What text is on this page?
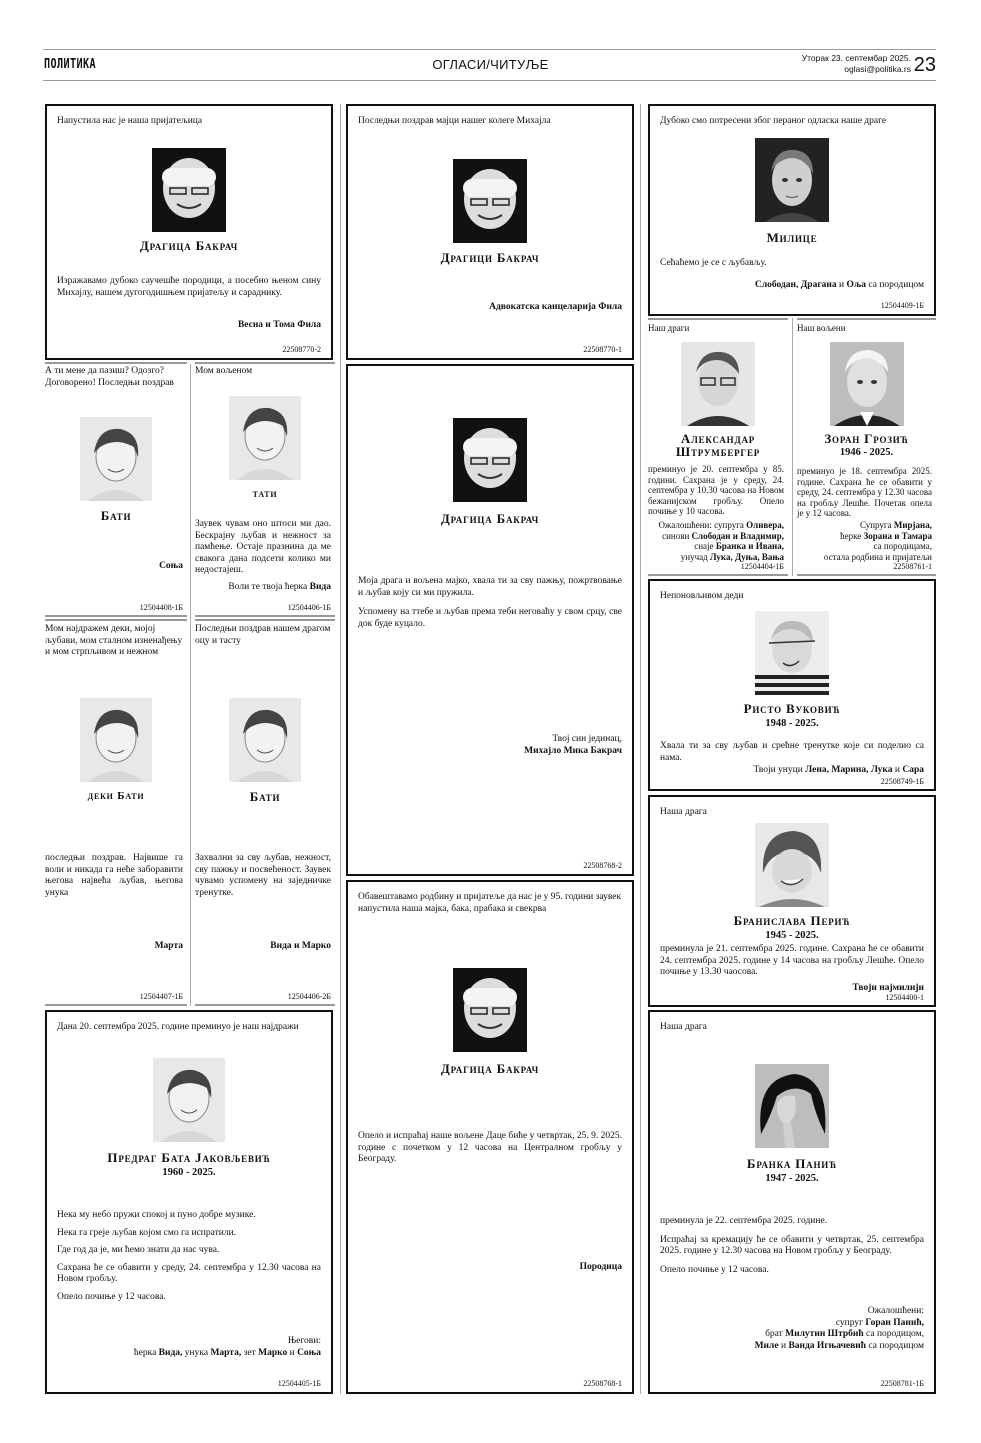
ПОЛИТИКА	ОГЛАСИ/ЧИТУЉЕ	Уторак 23. септембар 2025.
oglasi@politika.rs 23
Напустила нас је наша пријатељица
Драгица Бакрач
Изражавамо дубоко саучешће породици, а посебно њеном сину Михајлу, нашем дугогодишњем пријатељу и сараднику.
Весна и Тома Фила
22508770-2
А ти мене да пазиш? Одозго? Договорено! Последњи поздрав
Бати
Соња
12504408-1Б
Мом вољеном
тати
Заувек чувам оно штоси ми дао. Бескрајну љубав и нежност за памћење. Остаје празнина да ме свакога дана подсети колико ми недостајеш.
Воли те твоја ћерка Вида
12504406-1Б
Мом најдражем деки, мојој љубави, мом сталном изненађењу и мом стрпљивом и нежном
деки Бати
последњи поздрав. Највише га воли и никада га неће заборавити његова највећа љубав, његова унука
Марта
12504407-1Б
Последњи поздрав нашем драгом оцу и тасту
Бати
Захвални за сву љубав, нежност, сву пажњу и посвећеност. Заувек чувамо успомену на заједничке тренутке.
Вида и Марко
12504406-2Б
Дана 20. септембра 2025. године преминуо је наш најдражи
Предраг Бата Јаковљевић
1960 - 2025.

Нека му небо пружи спокој и пуно добре музике.

Нека га греје љубав којом смо га испратили.

Где год да је, ми ћемо знати да нас чува.

Сахрана ће се обавити у среду, 24. септембра у 12.30 часова на Новом гробљу.

Опело почиње у 12 часова.

Његови:
ћерка Вида, унука Марта, зет Марко и Соња
12504405-1Б
Последњи поздрав мајци нашег колеге Михајла
Драгици Бакрач
Адвокатска канцеларија Фила
22508770-1
Драгица Бакрач

Моја драга и вољена мајко, хвала ти за сву пажњу, пожртвовање и љубав коју си ми пружила.

Успомену на ттебе и љубав према теби неговаћу у свом срцу, све док буде куцало.

Твој син јединац,
Михајло Мика Бакрач
22508768-2
Обавештавамо родбину и пријатеље да нас је у 95. години заувек напустила наша мајка, бака, прабака и свекрва
Драгица Бакрач
Опело и испраћај наше вољене Даце биће у четвртак, 25. 9. 2025. године с почетком у 12 часова на Централном гробљу у Београду.
Породица
22508768-1
Дубоко смо потресени због пераног одласка наше драге
Милице
Сећаћемо је се с љубављу.
Слободан, Драгана и Оља са породицом
12504409-1Б
Наш драги
Александар
Штрумбергер
преминуо је 20. септембра у 85. години. Сахрана је у среду, 24. септембра у 10.30 часова на Новом бежанијском гробљу. Опело почиње у 10 часова.
Ожалошћени: супруга Оливера,
синови Слободан и Владимир,
снаје Бранка и Ивана,
унучад Лука, Дуња, Вања
12504404-1Б
Наш вољени
Зоран Грозић
1946 - 2025.
преминуо је 18. септембра 2025. године. Сахрана ће се обавити у среду, 24. септембра у 12.30 часова на гробљу Лешће. Почетак опела је у 12 часова.
Супруга Мирјана,
ћерке Зорана и Тамара
са породицама,
остала родбина и пријатељи
22508761-1
Непоновљивом деди
Ристо Вуковић
1948 - 2025.
Хвала ти за сву љубав и срећне тренутке које си поделио са нама.
Твоји унуци Лена, Марина, Лука и Сара
22508749-1Б
Наша драга
Бранислава Перић
1945 - 2025.
преминула је 21. септембра 2025. године. Сахрана ће се обавити 24. септембра 2025. године у 14 часова на гробљу Лешће. Опело почиње у 13.30 чаосова.
Твоји најмилији
12504400-1
Наша драга
Бранка Панић
1947 - 2025.

преминула је 22. септембра 2025. године.

Испраћај за кремацију ће се обавити у четвртак, 25. септембра 2025. године у 12.30 часова на Новом гробљу у Београду.

Опело почиње у 12 часова.

Ожалошћени:
супруг Горан Панић,
брат Милутин Штрбић са породицом,
Миле и Ванда Игњачевић са породицом
22508781-1Б
